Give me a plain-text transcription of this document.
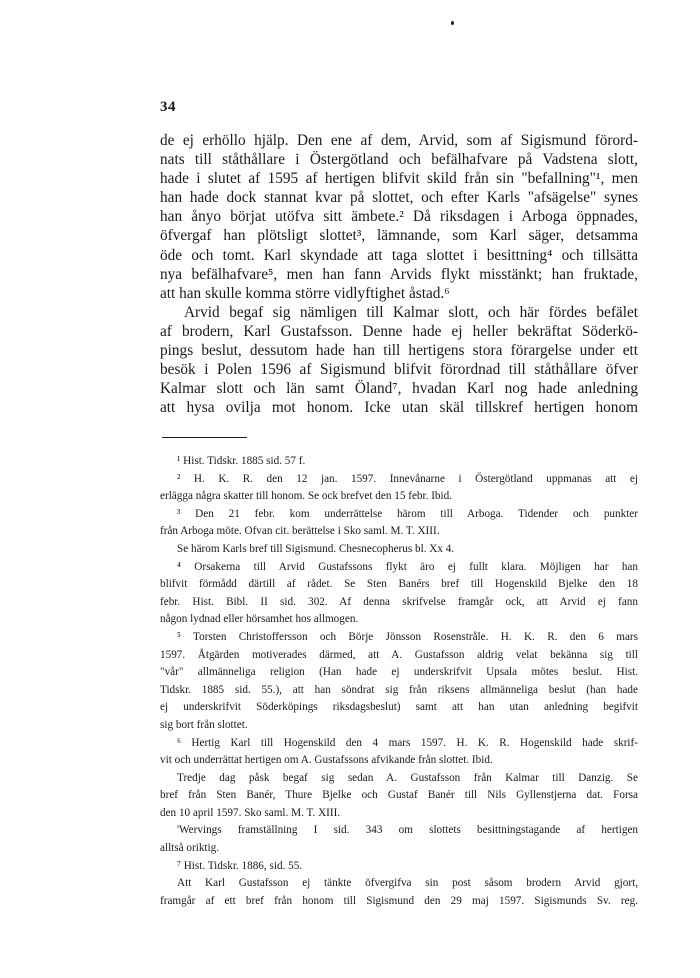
34

de ej erhöllo hjälp. Den ene af dem, Arvid, som af Sigismund förord-

nats till ståthållare i Östergötland och befälhafvare på Vadstena slott,

hade i slutet af 1595 af hertigen blifvit skild från sin "befallning"¹, men

han hade dock stannat kvar på slottet, och efter Karls "afsägelse" synes

han ånyo börjat utöfva sitt ämbete.² Då riksdagen i Arboga öppnades,

öfvergaf han plötsligt slottet³, lämnande, som Karl säger, detsamma

öde och tomt. Karl skyndade att taga slottet i besittning⁴ och tillsätta

nya befälhafvare⁵, men han fann Arvids flykt misstänkt; han fruktade,

att han skulle komma större vidlyftighet åstad.⁶

Arvid begaf sig nämligen till Kalmar slott, och här fördes befälet

af brodern, Karl Gustafsson. Denne hade ej heller bekräftat Söderkö-

pings beslut, dessutom hade han till hertigens stora förargelse under ett

besök i Polen 1596 af Sigismund blifvit förordnad till ståthållare öfver

Kalmar slott och län samt Öland⁷, hvadan Karl nog hade anledning

att hysa ovilja mot honom. Icke utan skäl tillskref hertigen honom

¹ Hist. Tidskr. 1885 sid. 57 f.

² H. K. R. den 12 jan. 1597. Innevånarne i Östergötland uppmanas att ej

erlägga några skatter till honom. Se ock brefvet den 15 febr. Ibid.

³ Den 21 febr. kom underrättelse härom till Arboga. Tidender och punkter

från Arboga möte. Ofvan cit. berättelse i Sko saml. M. T. XIII.

Se härom Karls bref till Sigismund. Chesnecopherus bl. Xx 4.

⁴ Orsakerna till Arvid Gustafssons flykt äro ej fullt klara. Möjligen har han

blifvit förmådd därtill af rådet. Se Sten Banérs bref till Hogenskild Bjelke den 18

febr. Hist. Bibl. II sid. 302. Af denna skrifvelse framgår ock, att Arvid ej fann

någon lydnad eller hörsamhet hos allmogen.

⁵ Torsten Christoffersson och Börje Jönsson Rosenstråle. H. K. R. den 6 mars

1597. Åtgärden motiverades därmed, att A. Gustafsson aldrig velat bekänna sig till

"vår" allmänneliga religion (Han hade ej underskrifvit Upsala mötes beslut. Hist.

Tidskr. 1885 sid. 55.), att han söndrat sig från riksens allmänneliga beslut (han hade

ej underskrifvit Söderköpings riksdagsbeslut) samt att han utan anledning begifvit

sig bort från slottet.

⁶ Hertig Karl till Hogenskild den 4 mars 1597. H. K. R. Hogenskild hade skrif-

vit och underrättat hertigen om A. Gustafssons afvikande från slottet. Ibid.

Tredje dag påsk begaf sig sedan A. Gustafsson från Kalmar till Danzig. Se

bref från Sten Banér, Thure Bjelke och Gustaf Banér till Nils Gyllenstjerna dat. Forsa

den 10 april 1597. Sko saml. M. T. XIII.

'Wervings framställning I sid. 343 om slottets besittningstagande af hertigen

alltså oriktig.

⁷ Hist. Tidskr. 1886, sid. 55.

Att Karl Gustafsson ej tänkte öfvergifva sin post såsom brodern Arvid gjort,

framgår af ett bref från honom till Sigismund den 29 maj 1597. Sigismunds Sv. reg.
